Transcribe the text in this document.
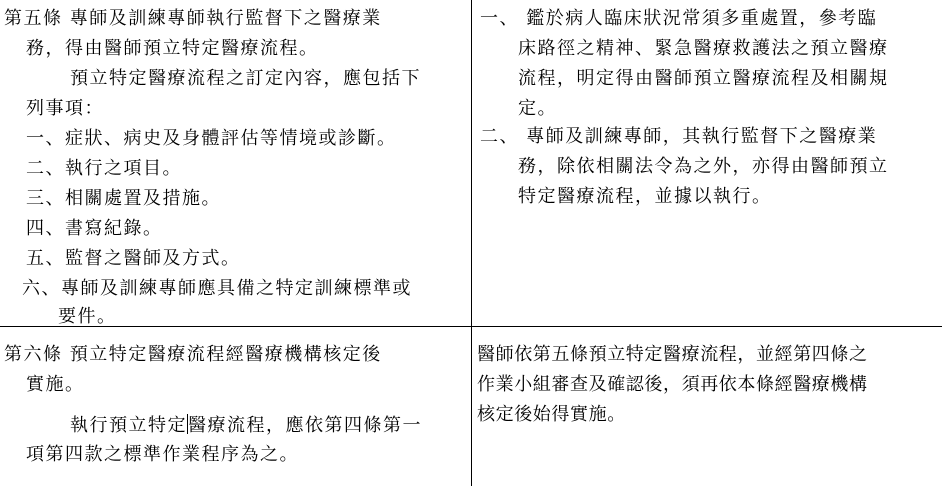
第五條 專師及訓練專師執行監督下之醫療業
務，得由醫師預立特定醫療流程。
預立特定醫療流程之訂定內容，應包括下
列事項：
一、症狀、病史及身體評估等情境或診斷。
二、執行之項目。
三、相關處置及措施。
四、書寫紀錄。
五、監督之醫師及方式。
六、專師及訓練專師應具備之特定訓練標準或
要件。
一、 鑑於病人臨床狀況常須多重處置，參考臨
床路徑之精神、緊急醫療救護法之預立醫療
流程，明定得由醫師預立醫療流程及相關規
定。
二、 專師及訓練專師，其執行監督下之醫療業
務，除依相關法令為之外，亦得由醫師預立
特定醫療流程，並據以執行。
第六條 預立特定醫療流程經醫療機構核定後
實施。
執行預立特定醫療流程，應依第四條第一
項第四款之標準作業程序為之。
醫師依第五條預立特定醫療流程，並經第四條之
作業小組審查及確認後，須再依本條經醫療機構
核定後始得實施。
